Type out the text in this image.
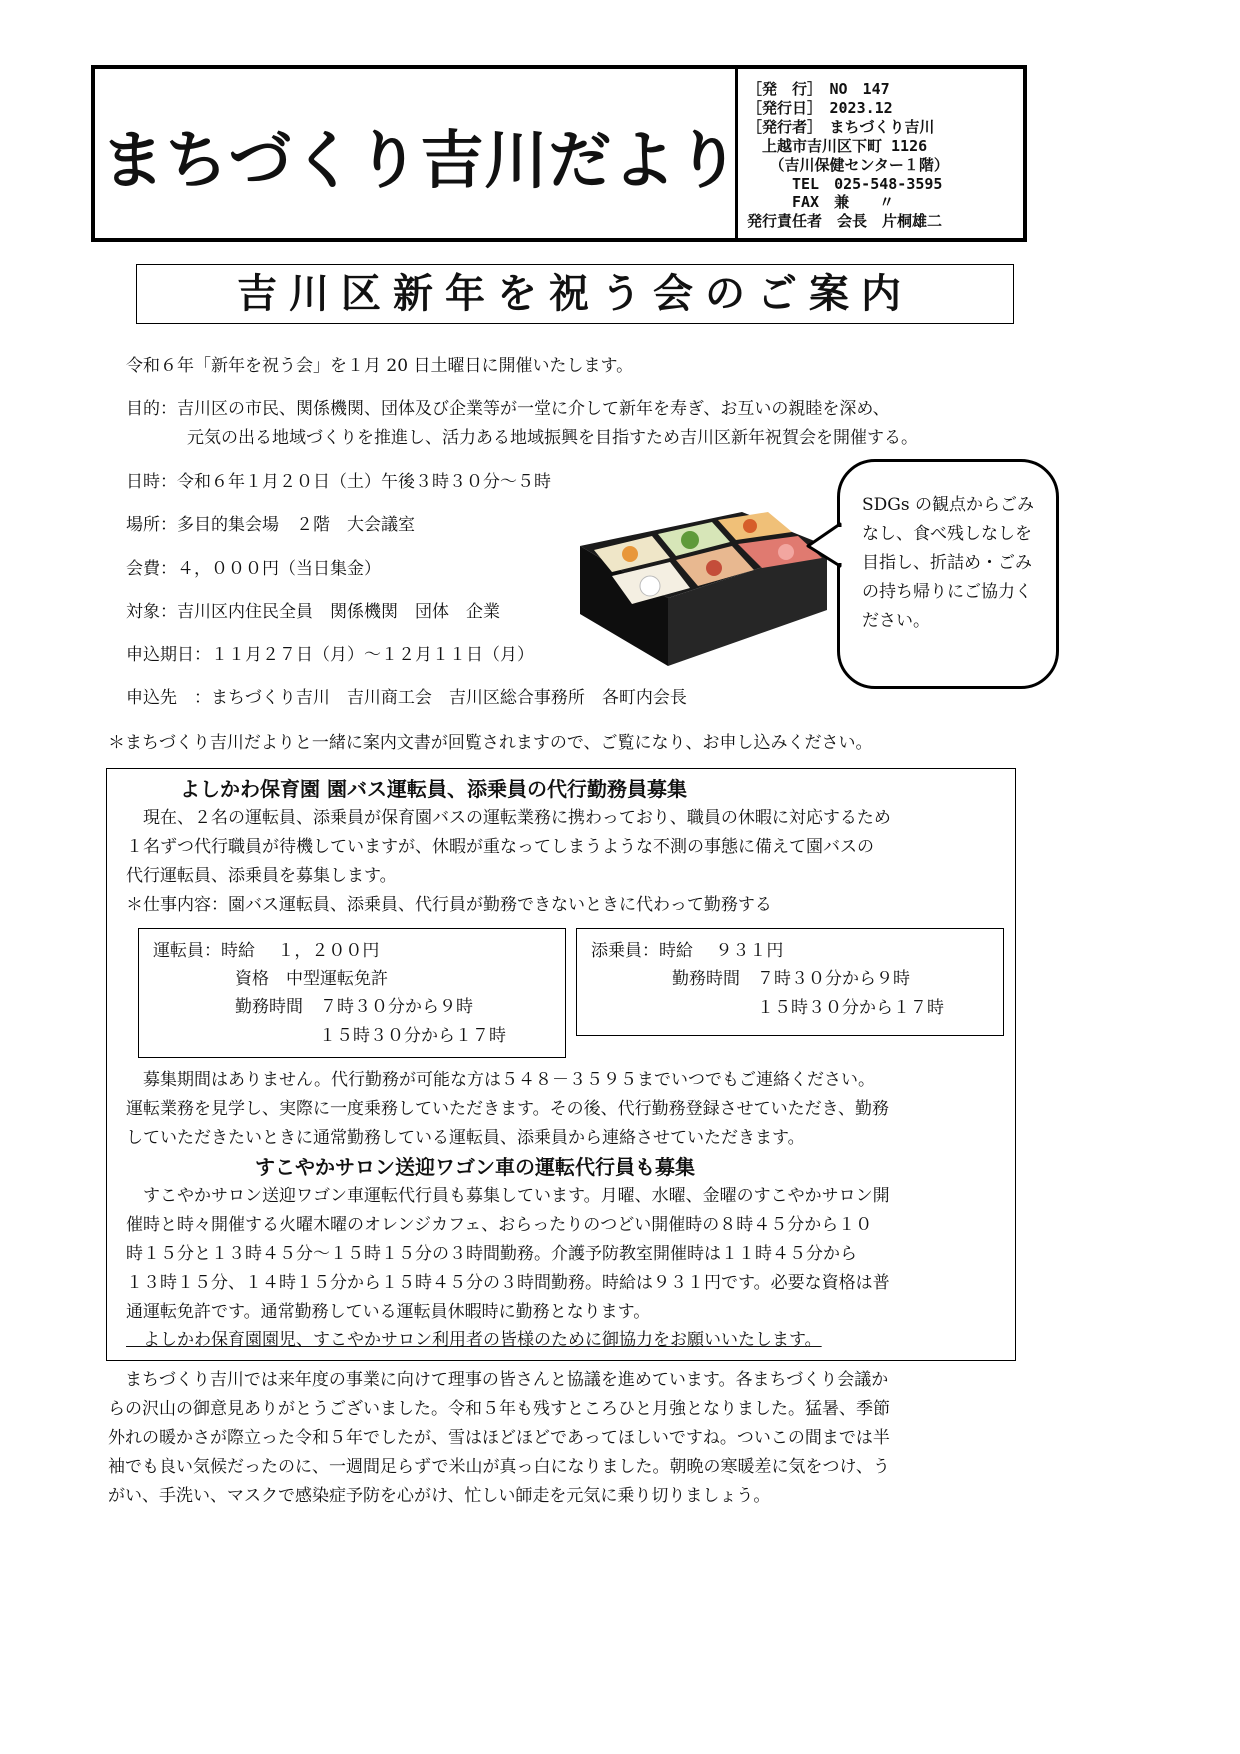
まちづくり吉川だより
［発　行］　NO　147
［発行日］　2023.12
［発行者］　まちづくり吉川
　上越市吉川区下町 1126
　　（吉川保健センター１階）
　　　TEL　025-548-3595
　　　FAX　兼　　〃
発行責任者　会長　片桐雄二
吉川区新年を祝う会のご案内
令和６年「新年を祝う会」を１月 20 日土曜日に開催いたします。
目的：吉川区の市民、関係機関、団体及び企業等が一堂に介して新年を寿ぎ、お互いの親睦を深め、
元気の出る地域づくりを推進し、活力ある地域振興を目指すため吉川区新年祝賀会を開催する。
日時：令和６年１月２０日（土）午後３時３０分～５時
場所：多目的集会場　２階　大会議室
会費：４，０００円（当日集金）
対象：吉川区内住民全員　関係機関　団体　企業
申込期日：１１月２７日（月）～１２月１１日（月）
申込先　：まちづくり吉川　吉川商工会　吉川区総合事務所　各町内会長
＊まちづくり吉川だよりと一緒に案内文書が回覧されますので、ご覧になり、お申し込みください。
SDGs の観点からごみなし、食べ残しなしを目指し、折詰め・ごみの持ち帰りにご協力ください。
よしかわ保育園 園バス運転員、添乗員の代行勤務員募集
　現在、２名の運転員、添乗員が保育園バスの運転業務に携わっており、職員の休暇に対応するため
１名ずつ代行職員が待機していますが、休暇が重なってしまうような不測の事態に備えて園バスの
代行運転員、添乗員を募集します。
＊仕事内容：園バス運転員、添乗員、代行員が勤務できないときに代わって勤務する
運転員：時給　 １，２００円
資格　中型運転免許
勤務時間　７時３０分から９時
１５時３０分から１７時
添乗員：時給　 ９３１円
勤務時間　７時３０分から９時
１５時３０分から１７時
　募集期間はありません。代行勤務が可能な方は５４８－３５９５までいつでもご連絡ください。
運転業務を見学し、実際に一度乗務していただきます。その後、代行勤務登録させていただき、勤務
していただきたいときに通常勤務している運転員、添乗員から連絡させていただきます。
すこやかサロン送迎ワゴン車の運転代行員も募集
　すこやかサロン送迎ワゴン車運転代行員も募集しています。月曜、水曜、金曜のすこやかサロン開
催時と時々開催する火曜木曜のオレンジカフェ、おらったりのつどい開催時の８時４５分から１０
時１５分と１３時４５分～１５時１５分の３時間勤務。介護予防教室開催時は１１時４５分から
１３時１５分、１４時１５分から１５時４５分の３時間勤務。時給は９３１円です。必要な資格は普
通運転免許です。通常勤務している運転員休暇時に勤務となります。
　よしかわ保育園園児、すこやかサロン利用者の皆様のために御協力をお願いいたします。
　まちづくり吉川では来年度の事業に向けて理事の皆さんと協議を進めています。各まちづくり会議か
らの沢山の御意見ありがとうございました。令和５年も残すところひと月強となりました。猛暑、季節
外れの暖かさが際立った令和５年でしたが、雪はほどほどであってほしいですね。ついこの間までは半
袖でも良い気候だったのに、一週間足らずで米山が真っ白になりました。朝晩の寒暖差に気をつけ、う
がい、手洗い、マスクで感染症予防を心がけ、忙しい師走を元気に乗り切りましょう。
